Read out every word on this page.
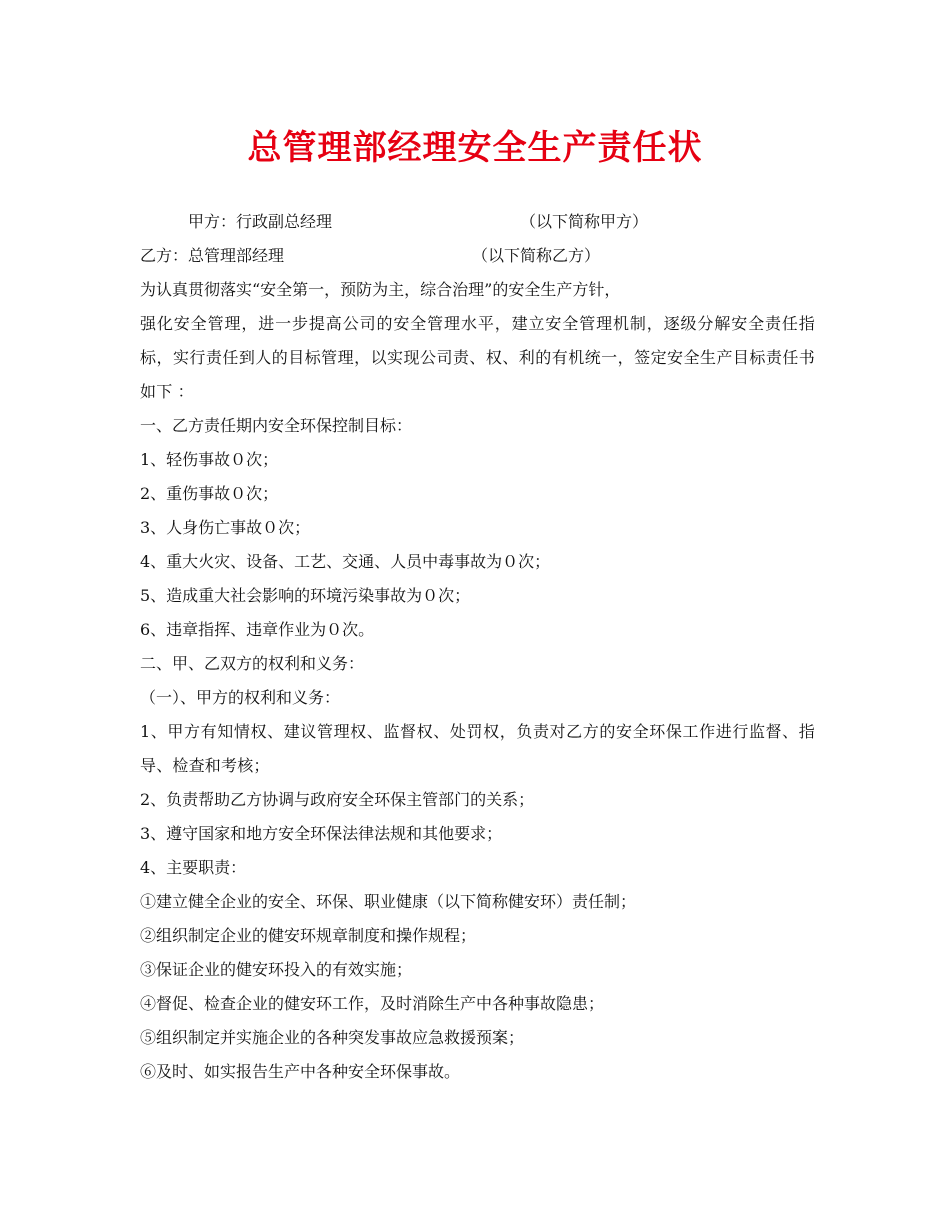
总管理部经理安全生产责任状
甲方：行政副总经理	（以下简称甲方）
乙方：总管理部经理	（以下简称乙方）
为认真贯彻落实“安全第一，预防为主，综合治理”的安全生产方针，
强化安全管理，进一步提高公司的安全管理水平，建立安全管理机制，逐级分解安全责任指标，实行责任到人的目标管理，以实现公司责、权、利的有机统一，签定安全生产目标责任书如下 ：
一、乙方责任期内安全环保控制目标：
1、轻伤事故０次；
2、重伤事故０次；
3、人身伤亡事故０次；
4、重大火灾、设备、工艺、交通、人员中毒事故为０次；
5、造成重大社会影响的环境污染事故为０次；
6、违章指挥、违章作业为０次。
二、甲、乙双方的权利和义务：
（一）、甲方的权利和义务：
1、甲方有知情权、建议管理权、监督权、处罚权，负责对乙方的安全环保工作进行监督、指导、检查和考核；
2、负责帮助乙方协调与政府安全环保主管部门的关系；
3、遵守国家和地方安全环保法律法规和其他要求；
4、主要职责：
①建立健全企业的安全、环保、职业健康（以下简称健安环）责任制；
②组织制定企业的健安环规章制度和操作规程；
③保证企业的健安环投入的有效实施；
④督促、检查企业的健安环工作，及时消除生产中各种事故隐患；
⑤组织制定并实施企业的各种突发事故应急救援预案；
⑥及时、如实报告生产中各种安全环保事故。
